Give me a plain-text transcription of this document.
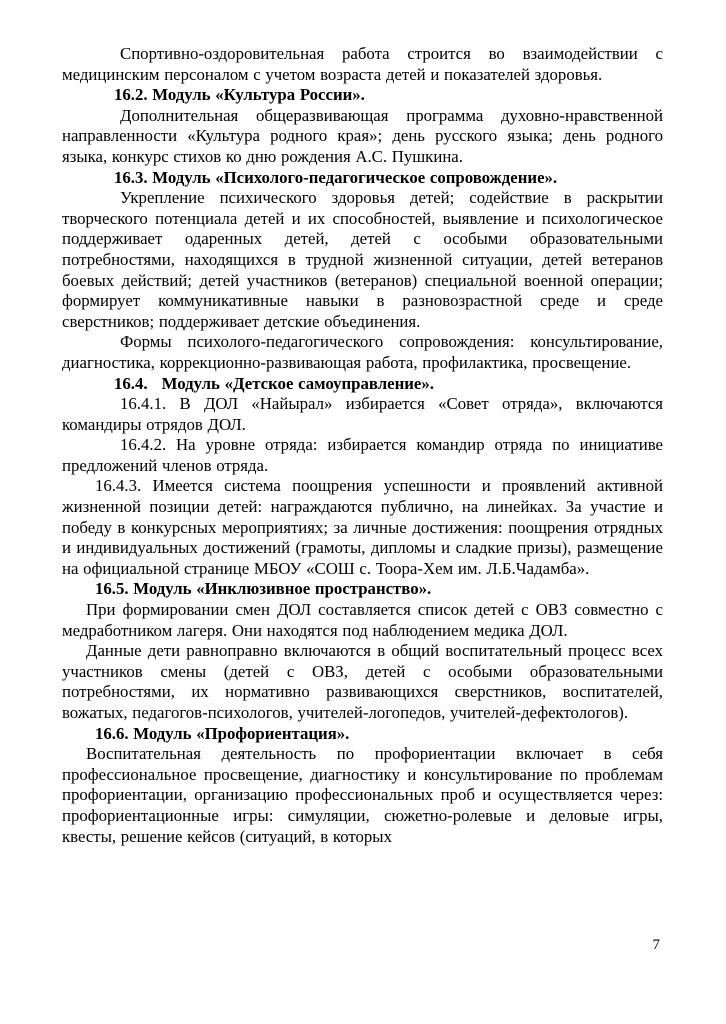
Спортивно-оздоровительная работа строится во взаимодействии с медицинским персоналом с учетом возраста детей и показателей здоровья.

16.2. Модуль «Культура России».

Дополнительная общеразвивающая программа духовно-нравственной направленности «Культура родного края»; день русского языка; день родного языка, конкурс стихов ко дню рождения А.С. Пушкина.

16.3. Модуль «Психолого-педагогическое сопровождение».

Укрепление психического здоровья детей; содействие в раскрытии творческого потенциала детей и их способностей, выявление и психологическое поддерживает одаренных детей, детей с особыми образовательными потребностями, находящихся в трудной жизненной ситуации, детей ветеранов боевых действий; детей участников (ветеранов) специальной военной операции; формирует коммуникативные навыки в разновозрастной среде и среде сверстников; поддерживает детские объединения.

Формы психолого-педагогического сопровождения: консультирование, диагностика, коррекционно-развивающая работа, профилактика, просвещение.

16.4.   Модуль «Детское самоуправление».

16.4.1. В ДОЛ «Найырал» избирается «Совет отряда», включаются командиры отрядов ДОЛ.

16.4.2. На уровне отряда: избирается командир отряда по инициативе предложений членов отряда.

16.4.3. Имеется система поощрения успешности и проявлений активной жизненной позиции детей: награждаются публично, на линейках. За участие и победу в конкурсных мероприятиях; за личные достижения: поощрения отрядных и индивидуальных достижений (грамоты, дипломы и сладкие призы), размещение на официальной странице МБОУ «СОШ с. Тоора-Хем им. Л.Б.Чадамба».

16.5. Модуль «Инклюзивное пространство».

При формировании смен ДОЛ составляется список детей с ОВЗ совместно с медработником лагеря. Они находятся под наблюдением медика ДОЛ.

Данные дети равноправно включаются в общий воспитательный процесс всех участников смены (детей с ОВЗ, детей с особыми образовательными потребностями, их нормативно развивающихся сверстников, воспитателей, вожатых, педагогов-психологов, учителей-логопедов, учителей-дефектологов).

16.6. Модуль «Профориентация».

Воспитательная деятельность по профориентации включает в себя профессиональное просвещение, диагностику и консультирование по проблемам профориентации, организацию профессиональных проб и осуществляется через: профориентационные игры: симуляции, сюжетно-ролевые и деловые игры, квесты, решение кейсов (ситуаций, в которых

7
